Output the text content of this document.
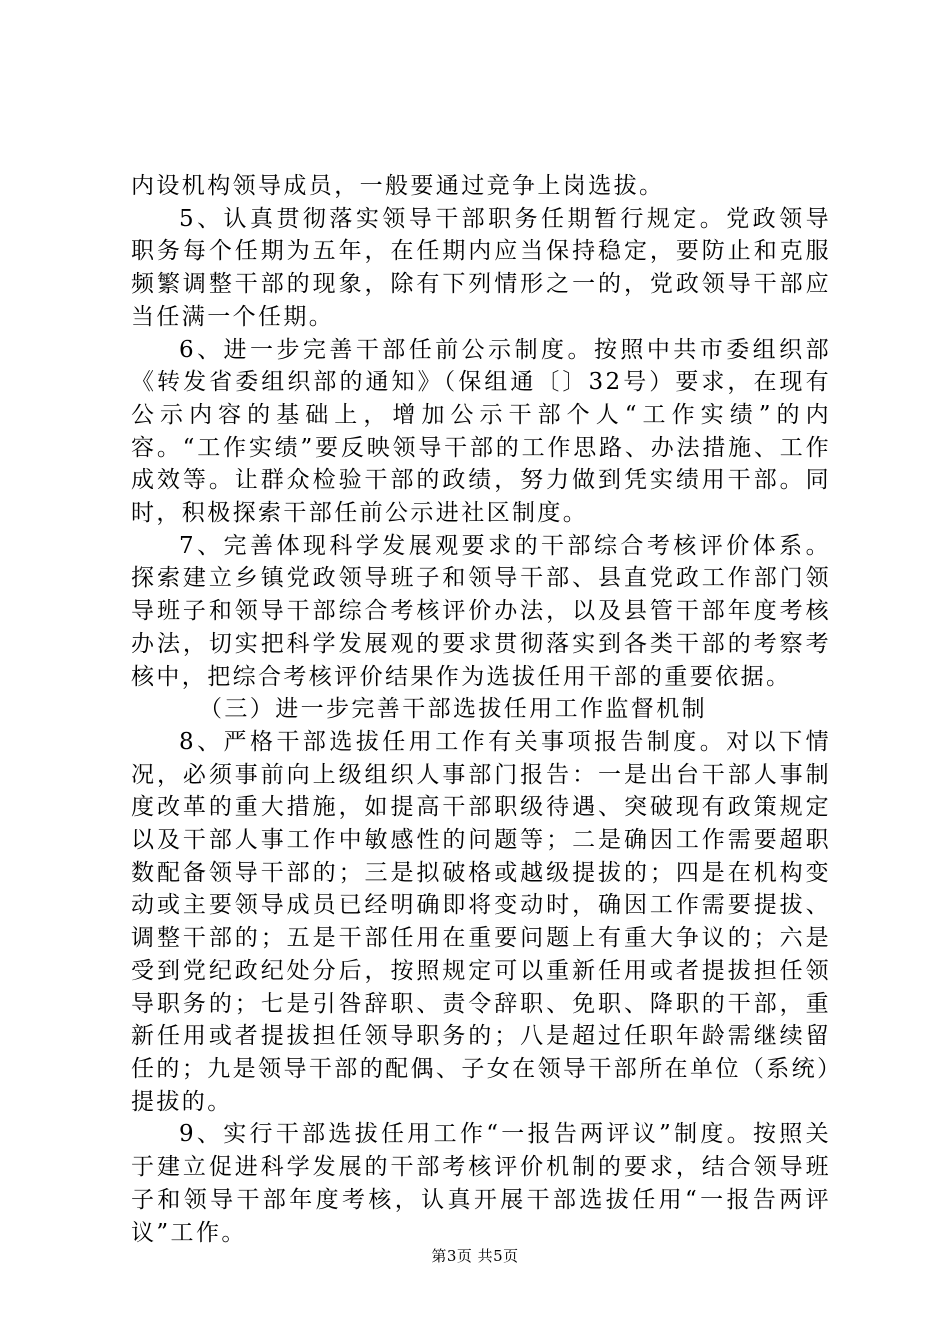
内设机构领导成员，一般要通过竞争上岗选拔。

5、认真贯彻落实领导干部职务任期暂行规定。党政领导职务每个任期为五年，在任期内应当保持稳定，要防止和克服频繁调整干部的现象，除有下列情形之一的，党政领导干部应当任满一个任期。

6、进一步完善干部任前公示制度。按照中共市委组织部《转发省委组织部的通知》（保组通〔〕32号）要求，在现有公示内容的基础上，增加公示干部个人“工作实绩”的内容。“工作实绩”要反映领导干部的工作思路、办法措施、工作成效等。让群众检验干部的政绩，努力做到凭实绩用干部。同时，积极探索干部任前公示进社区制度。

7、完善体现科学发展观要求的干部综合考核评价体系。探索建立乡镇党政领导班子和领导干部、县直党政工作部门领导班子和领导干部综合考核评价办法，以及县管干部年度考核办法，切实把科学发展观的要求贯彻落实到各类干部的考察考核中，把综合考核评价结果作为选拔任用干部的重要依据。

（三）进一步完善干部选拔任用工作监督机制

8、严格干部选拔任用工作有关事项报告制度。对以下情况，必须事前向上级组织人事部门报告：一是出台干部人事制度改革的重大措施，如提高干部职级待遇、突破现有政策规定以及干部人事工作中敏感性的问题等；二是确因工作需要超职数配备领导干部的；三是拟破格或越级提拔的；四是在机构变动或主要领导成员已经明确即将变动时，确因工作需要提拔、调整干部的；五是干部任用在重要问题上有重大争议的；六是受到党纪政纪处分后，按照规定可以重新任用或者提拔担任领导职务的；七是引咎辞职、责令辞职、免职、降职的干部，重新任用或者提拔担任领导职务的；八是超过任职年龄需继续留任的；九是领导干部的配偶、子女在领导干部所在单位（系统）提拔的。

9、实行干部选拔任用工作“一报告两评议”制度。按照关于建立促进科学发展的干部考核评价机制的要求，结合领导班子和领导干部年度考核，认真开展干部选拔任用“一报告两评议”工作。

第3页 共5页
